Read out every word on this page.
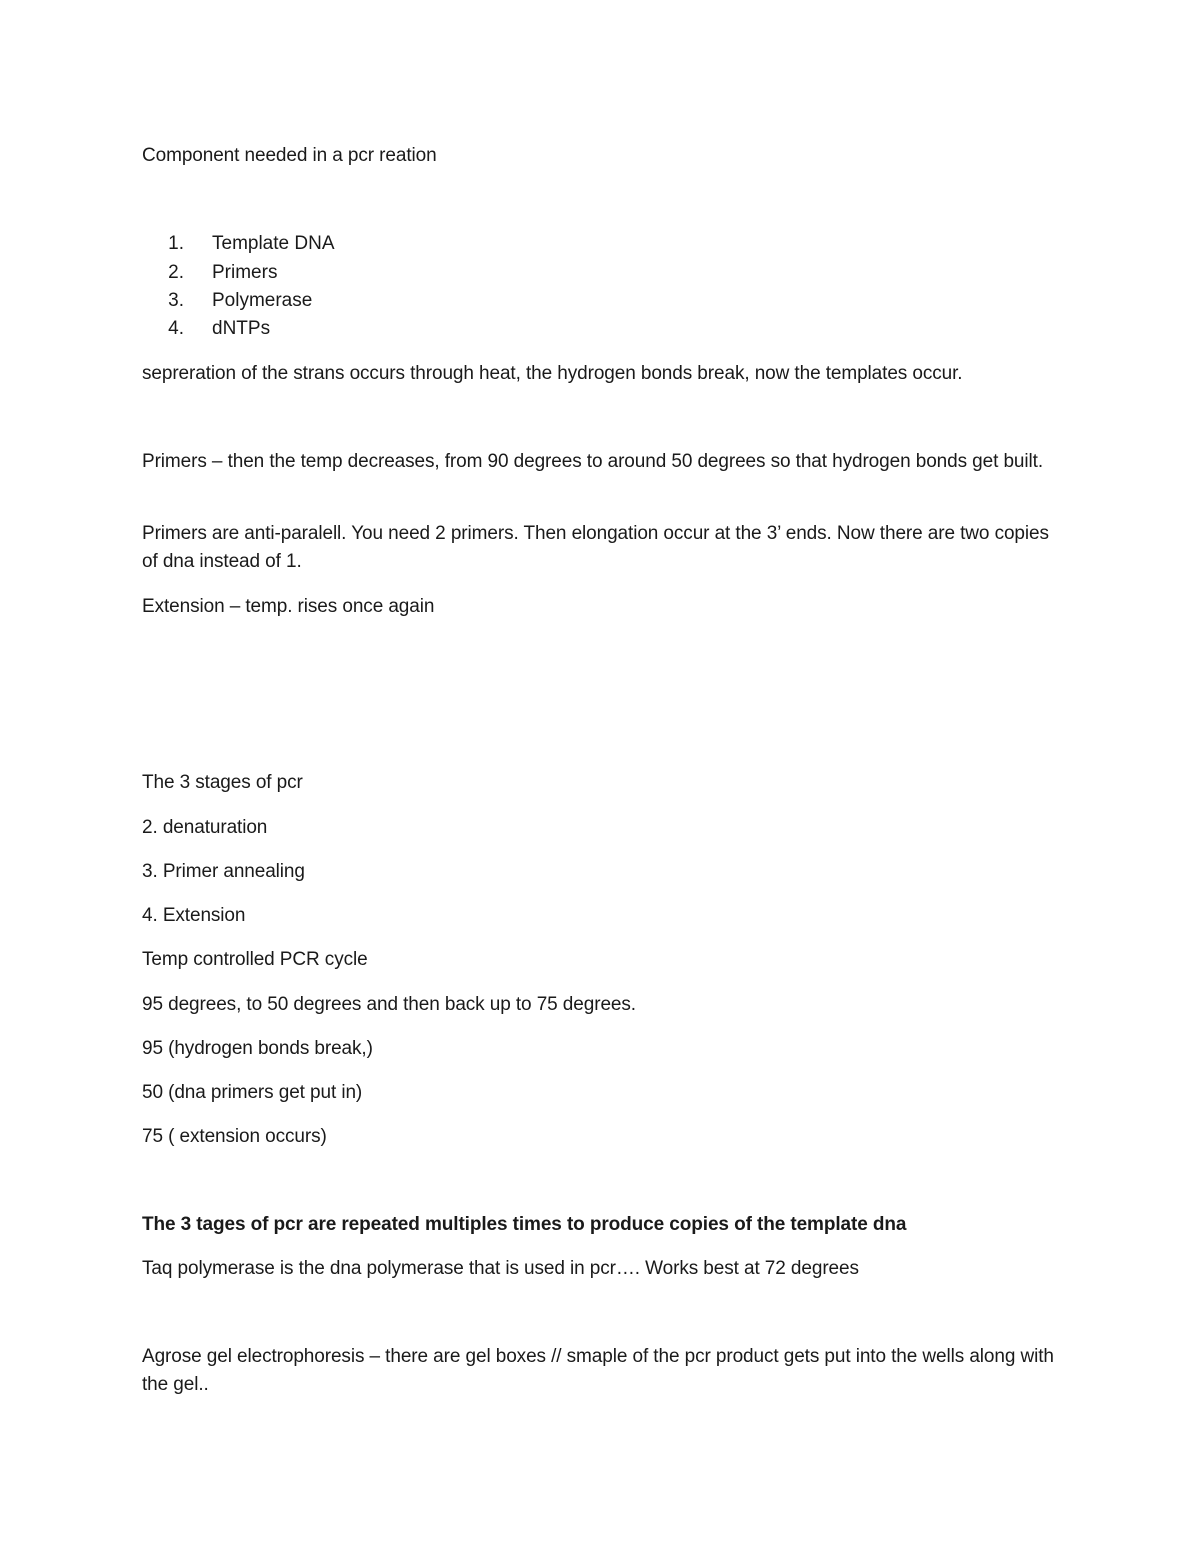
Component needed in a pcr reation
1. Template DNA
2. Primers
3. Polymerase
4. dNTPs
sepreration of the strans occurs through heat, the hydrogen bonds break, now the templates occur.
Primers – then the temp decreases, from 90 degrees to around 50 degrees so that hydrogen bonds get built.
Primers are anti-paralell. You need 2 primers. Then elongation occur at the 3’ ends. Now there are two copies of dna instead of 1.
Extension – temp. rises once again
The 3 stages of pcr
2. denaturation
3. Primer annealing
4. Extension
Temp controlled PCR cycle
95 degrees, to 50 degrees and then back up to 75 degrees.
95 (hydrogen bonds break,)
50 (dna primers get put in)
75 ( extension occurs)
The 3 tages of pcr are repeated multiples times to produce copies of the template dna
Taq polymerase is the dna polymerase that is used in pcr…. Works best at 72 degrees
Agrose gel electrophoresis – there are gel boxes // smaple of the pcr product gets put into the wells along with the gel..
